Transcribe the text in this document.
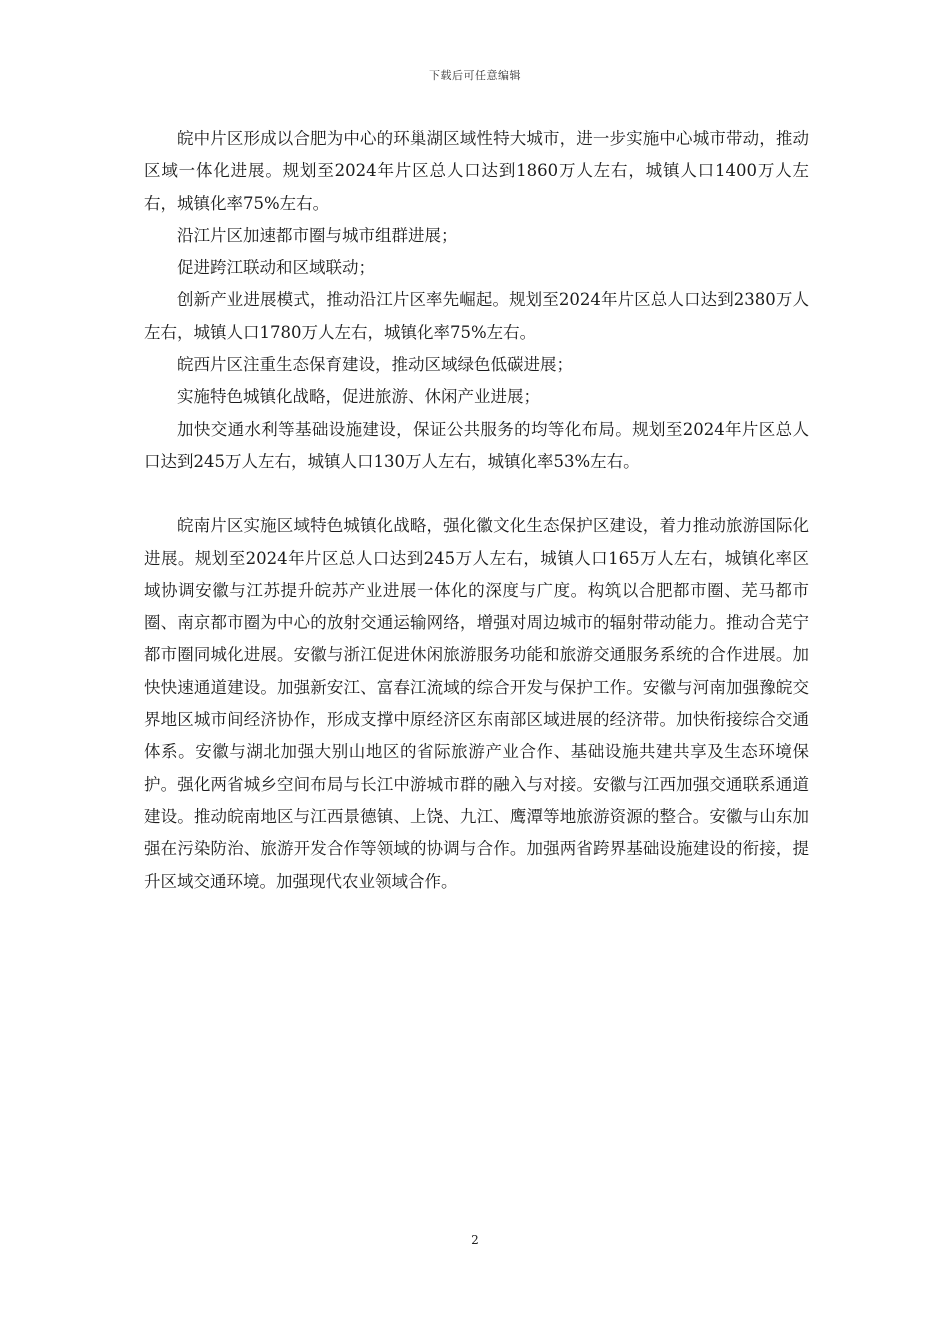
下载后可任意编辑

皖中片区形成以合肥为中心的环巢湖区域性特大城市，进一步实施中心城市带动，推动区域一体化进展。规划至2024年片区总人口达到1860万人左右，城镇人口1400万人左右，城镇化率75%左右。

沿江片区加速都市圈与城市组群进展；

促进跨江联动和区域联动；

创新产业进展模式，推动沿江片区率先崛起。规划至2024年片区总人口达到2380万人左右，城镇人口1780万人左右，城镇化率75%左右。

皖西片区注重生态保育建设，推动区域绿色低碳进展；

实施特色城镇化战略，促进旅游、休闲产业进展；

加快交通水利等基础设施建设，保证公共服务的均等化布局。规划至2024年片区总人口达到245万人左右，城镇人口130万人左右，城镇化率53%左右。

皖南片区实施区域特色城镇化战略，强化徽文化生态保护区建设，着力推动旅游国际化进展。规划至2024年片区总人口达到245万人左右，城镇人口165万人左右，城镇化率区域协调安徽与江苏提升皖苏产业进展一体化的深度与广度。构筑以合肥都市圈、芜马都市圈、南京都市圈为中心的放射交通运输网络，增强对周边城市的辐射带动能力。推动合芜宁都市圈同城化进展。安徽与浙江促进休闲旅游服务功能和旅游交通服务系统的合作进展。加快快速通道建设。加强新安江、富春江流域的综合开发与保护工作。安徽与河南加强豫皖交界地区城市间经济协作，形成支撑中原经济区东南部区域进展的经济带。加快衔接综合交通体系。安徽与湖北加强大别山地区的省际旅游产业合作、基础设施共建共享及生态环境保护。强化两省城乡空间布局与长江中游城市群的融入与对接。安徽与江西加强交通联系通道建设。推动皖南地区与江西景德镇、上饶、九江、鹰潭等地旅游资源的整合。安徽与山东加强在污染防治、旅游开发合作等领域的协调与合作。加强两省跨界基础设施建设的衔接，提升区域交通环境。加强现代农业领域合作。

2
